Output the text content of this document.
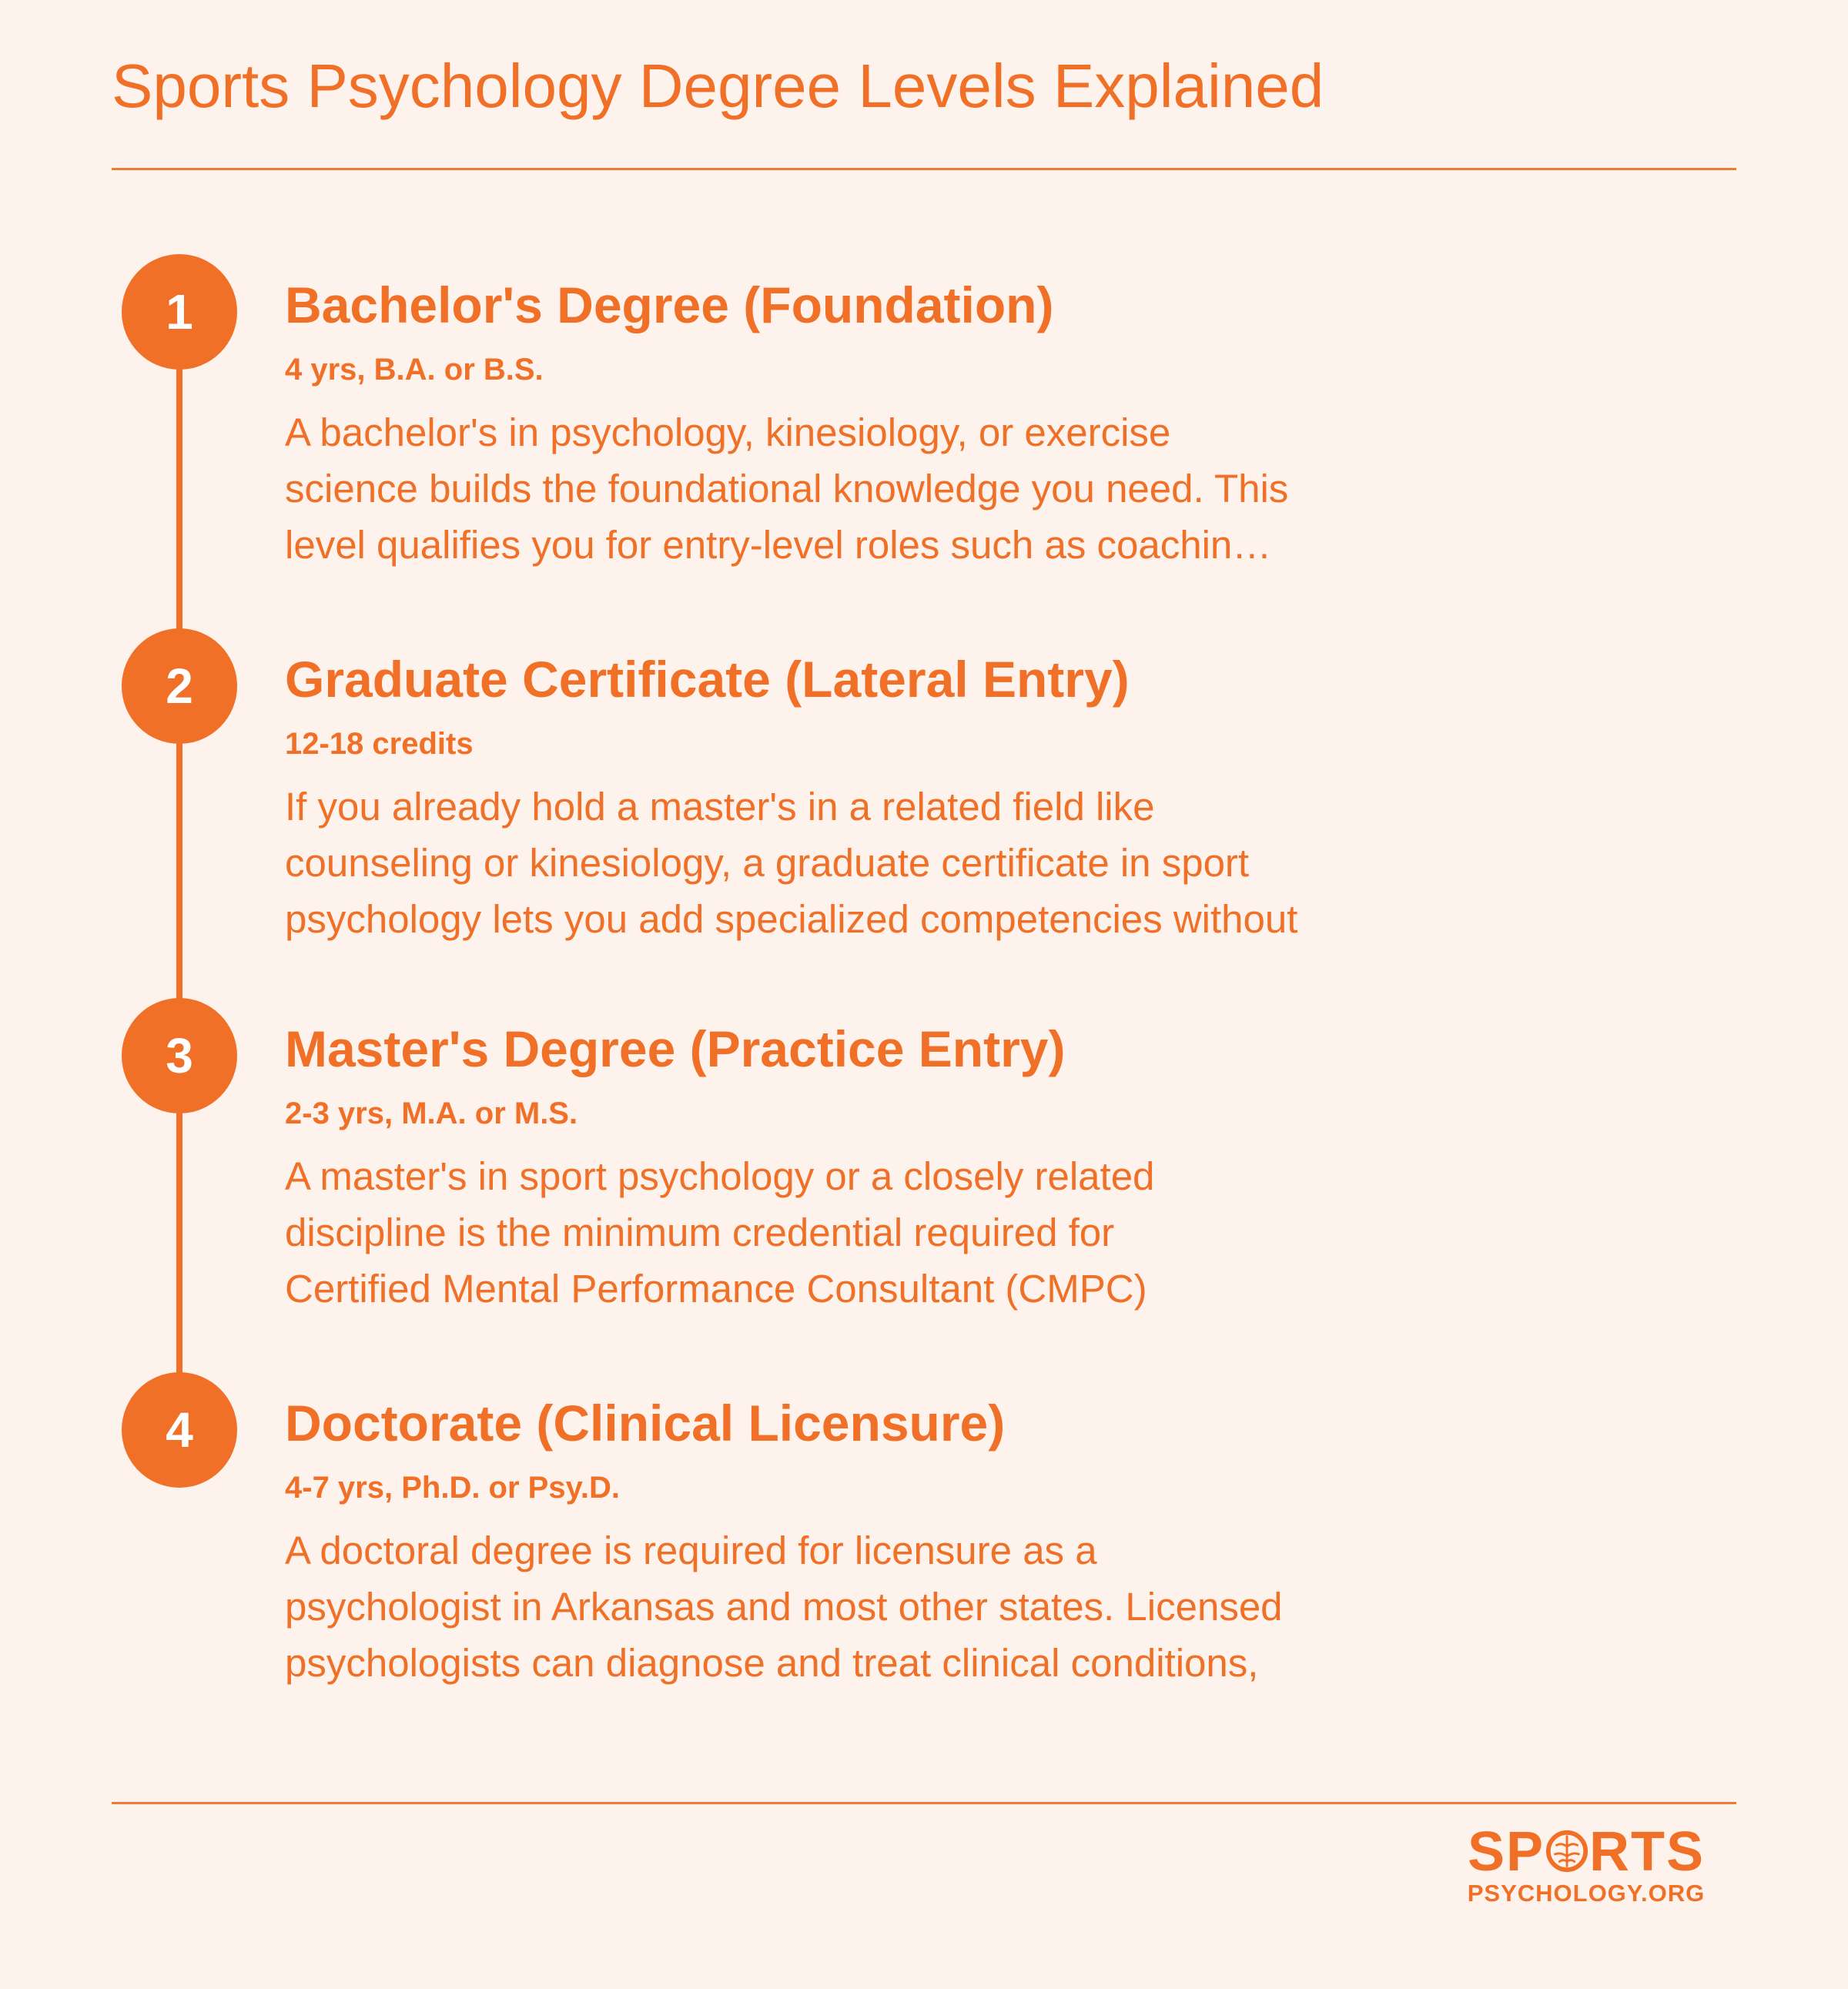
Sports Psychology Degree Levels Explained
1	Bachelor's Degree (Foundation)
4 yrs, B.A. or B.S.

A bachelor's in psychology, kinesiology, or exercise
science builds the foundational knowledge you need. This
level qualifies you for entry-level roles such as coachin…

2	Graduate Certificate (Lateral Entry)
12-18 credits

If you already hold a master's in a related field like
counseling or kinesiology, a graduate certificate in sport
psychology lets you add specialized competencies without

3	Master's Degree (Practice Entry)
2-3 yrs, M.A. or M.S.

A master's in sport psychology or a closely related
discipline is the minimum credential required for
Certified Mental Performance Consultant (CMPC)

4	Doctorate (Clinical Licensure)
4-7 yrs, Ph.D. or Psy.D.

A doctoral degree is required for licensure as a
psychologist in Arkansas and most other states. Licensed
psychologists can diagnose and treat clinical conditions,

SP RTS
PSYCHOLOGY.ORG
